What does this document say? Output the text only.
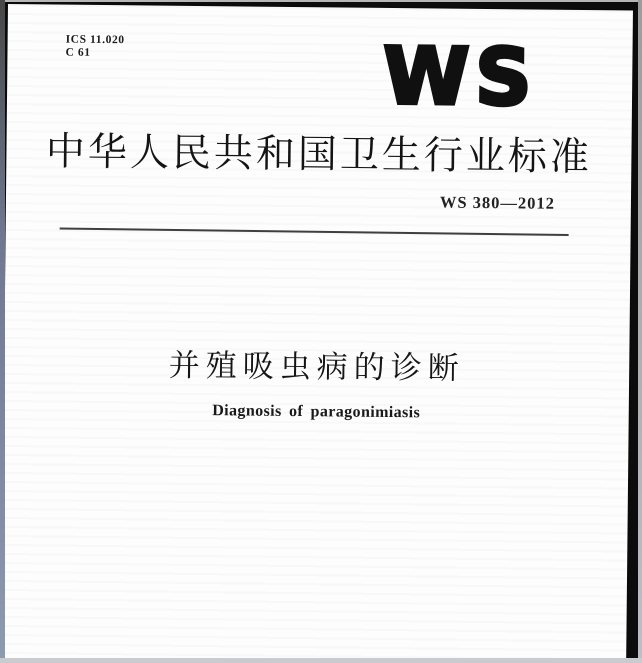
ICS 11.020
C 61	WS
中华人民共和国卫生行业标准
WS 380—2012
并殖吸虫病的诊断
Diagnosis of paragonimiasis
